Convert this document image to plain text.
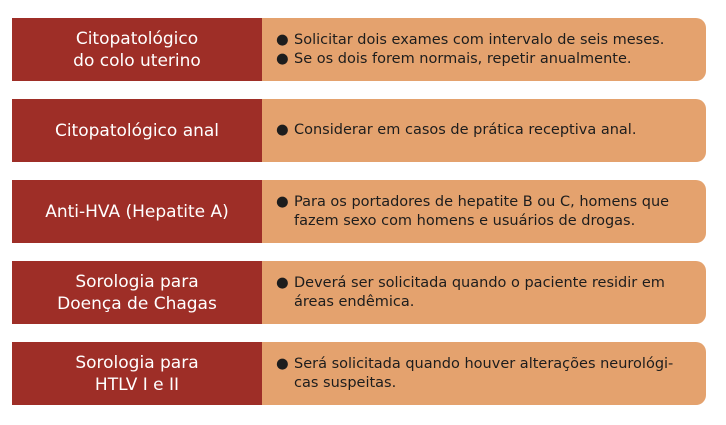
Citopatológico
do colo uterino
● Solicitar dois exames com intervalo de seis meses.
● Se os dois forem normais, repetir anualmente.
Citopatológico anal	● Considerar em casos de prática receptiva anal.
Anti-HVA (Hepatite A)	● Para os portadores de hepatite B ou C, homens que fazem sexo com homens e usuários de drogas.
Sorologia para
Doença de Chagas
● Deverá ser solicitada quando o paciente residir em áreas endêmica.
Sorologia para
HTLV I e II
● Será solicitada quando houver alterações neurológi-cas suspeitas.
